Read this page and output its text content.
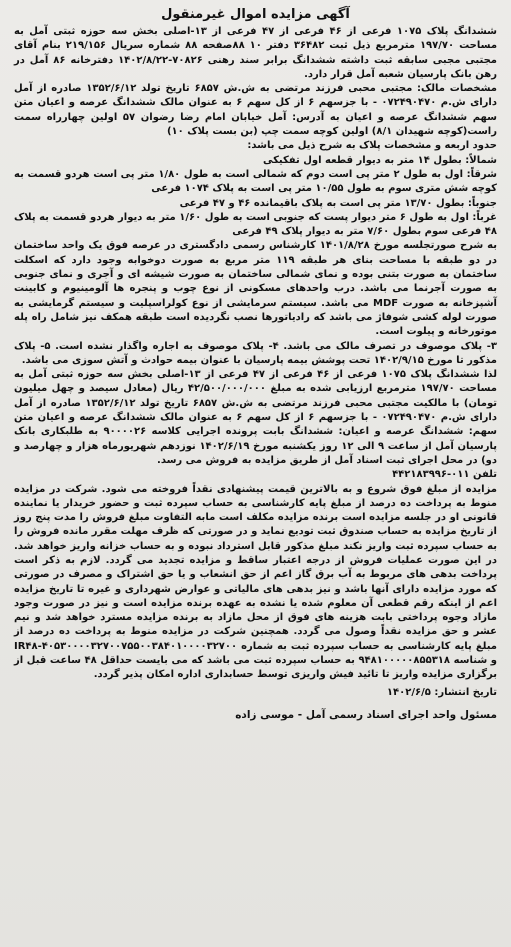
آگهی مزایده اموال غیرمنقول

ششدانگ پلاک ۱۰۷۵ فرعی از ۴۶ فرعی از ۴۷ فرعی از ۱۳-اصلی بخش سه حوزه ثبتی آمل به مساحت ۱۹۷/۷۰ مترمربع ذیل ثبت ۳۶۴۸۲ دفتر ۱۰ ۸۸صفحه ۸۸ شماره سریال ۲۱۹/۱۵۶ بنام آقای مجتبی مجبی سابقه ثبت داشته ششدانگ برابر سند رهنی ۷۰۸۲۶-۱۴۰۲/۸/۲۲ دفترخانه ۸۶ آمل در رهن بانک پارسیان شعبه آمل قرار دارد.

مشخصات مالک: مجتبی محبی فرزند مرتضی به ش.ش ۶۸۵۷ تاریخ تولد ۱۳۵۲/۶/۱۲ صادره از آمل دارای ش.م ۰۷۲۴۹۰۴۷۰ - با جزسهم ۶ از کل سهم ۶ به عنوان مالک ششدانگ عرصه و اعیان متن سهم ششدانگ عرصه و اعیان به آدرس: آمل خیابان امام رضا رضوان ۵۷ اولین چهارراه سمت راست(کوچه شهیدان ۸/۱) اولین کوچه سمت چپ (بن بست پلاک ۱۰)

حدود اربعه و مشخصات پلاک به شرح ذیل می باشد:

شمالاً: بطول ۱۴ متر به دیوار قطعه اول تفکیکی

شرقاً: اول به طول ۲ متر پی است دوم که شمالی است به طول ۱/۸۰ متر پی است هردو قسمت به کوچه شش متری سوم به طول ۱۰/۵۵ متر پی است به پلاک ۱۰۷۴ فرعی

جنوباً: بطول ۱۳/۷۰ متر پی است به پلاک باقیمانده ۴۶ و ۴۷ فرعی

غرباً: اول به طول ۶ متر دیوار پست که جنوبی است به طول ۱/۶۰ متر به دیوار هردو قسمت به پلاک ۴۸ فرعی سوم بطول ۷/۶۰ متر به دیوار پلاک ۴۹ فرعی

به شرح صورتجلسه مورخ ۱۴۰۱/۸/۲۸ کارشناس رسمی دادگستری در عرصه فوق یک واحد ساختمان در دو طبقه با مساحت بنای هر طبقه ۱۱۹ متر مربع به صورت دوخوابه وجود دارد که اسکلت ساختمان به صورت بتنی بوده و نمای شمالی ساختمان به صورت شیشه ای و آجری و نمای جنوبی به صورت آجرنما می باشد. درب واحدهای مسکونی از نوع چوب و پنجره ها آلومینیوم و کابینت آشپزخانه به صورت MDF می باشد. سیستم سرمایشی از نوع کولراسپلیت و سیستم گرمایشی به صورت لوله کشی شوفاژ می باشد که رادیاتورها نصب نگردیده است طبقه همکف نیز شامل راه پله موتورخانه و پیلوت است.

۳- پلاک موصوف در تصرف مالک می باشد. ۴- پلاک موصوف به اجاره واگذار نشده است. ۵- پلاک مذکور تا مورخ ۱۴۰۲/۹/۱۵ تحت پوشش بیمه پارسیان با عنوان بیمه حوادث و آتش سوزی می باشد.

لذا ششدانگ پلاک ۱۰۷۵ فرعی از ۴۶ فرعی از ۴۷ فرعی از ۱۳-اصلی بخش سه حوزه ثبتی آمل به مساحت ۱۹۷/۷۰ مترمربع ارزیابی شده به مبلغ ۴۲/۵۰۰/۰۰۰/۰۰۰ ریال (معادل سیصد و چهل میلیون تومان) با مالکیت مجتبی محبی فرزند مرتضی به ش.ش ۶۸۵۷ تاریخ تولد ۱۳۵۲/۶/۱۲ صادره از آمل دارای ش.م ۰۷۲۴۹۰۴۷۰ - با جزسهم ۶ از کل سهم ۶ به عنوان مالک ششدانگ عرصه و اعیان متن سهم: ششدانگ عرصه و اعیان: ششدانگ بابت پرونده اجرایی کلاسه ۹۰۰۰۰۲۶ به طلبکاری بانک پارسیان آمل از ساعت ۹ الی ۱۲ روز یکشنبه مورخ ۱۴۰۲/۶/۱۹ نوزدهم شهریورماه هزار و چهارصد و دو) در محل اجرای ثبت اسناد آمل از طریق مزایده به فروش می رسد.

تلفن ۰۱۱-۴۴۲۱۸۳۹۹۶

مزایده از مبلغ فوق شروع و به بالاترین قیمت پیشنهادی نقداً فروخته می شود. شرکت در مزایده منوط به پرداخت ده درصد از مبلغ پایه کارشناسی به حساب سپرده ثبت و حضور خریدار یا نماینده قانونی او در جلسه مزایده است برنده مزایده مکلف است مابه التفاوت مبلغ فروش را مدت پنج روز از تاریخ مزایده به حساب صندوق ثبت تودیع نماید و در صورتی که ظرف مهلت مقرر مانده فروش را به حساب سپرده ثبت واریز نکند مبلغ مذکور قابل استرداد نبوده و به حساب خزانه واریز خواهد شد. در این صورت عملیات فروش از درجه اعتبار ساقط و مزایده تجدید می گردد. لازم به ذکر است پرداخت بدهی های مربوط به آب برق گاز اعم از حق انشعاب و یا حق اشتراک و مصرف در صورتی که مورد مزایده دارای آنها باشد و نیز بدهی های مالیاتی و عوارض شهرداری و غیره تا تاریخ مزایده اعم از اینکه رقم قطعی آن معلوم شده یا نشده به عهده برنده مزایده است و نیز در صورت وجود مازاد وجوه پرداختی بابت هزینه های فوق از محل مازاد به برنده مزایده مسترد خواهد شد و نیم عشر و حق مزایده نقداً وصول می گردد. همچنین شرکت در مزایده منوط به پرداخت ده درصد از مبلغ پایه کارشناسی به حساب سپرده ثبت به شماره ۴۰۵۳۰۰۰۰۳۲۷۰۰۷۵۵۰۰۳۸۴۰۱۰۰۰۰۳۲۷۰۰-IR۴۸ و شناسه ۹۴۸۱۰۰۰۰۰۸۵۵۳۱۸ به حساب سپرده ثبت می باشد که می بایست حداقل ۴۸ ساعت قبل از برگزاری مزایده واریز تا تائید فیش واریزی توسط حسابداری اداره امکان پذیر گردد.

تاریخ انتشار: ۱۴۰۲/۶/۵
مسئول واحد اجرای اسناد رسمی آمل - موسی زاده
